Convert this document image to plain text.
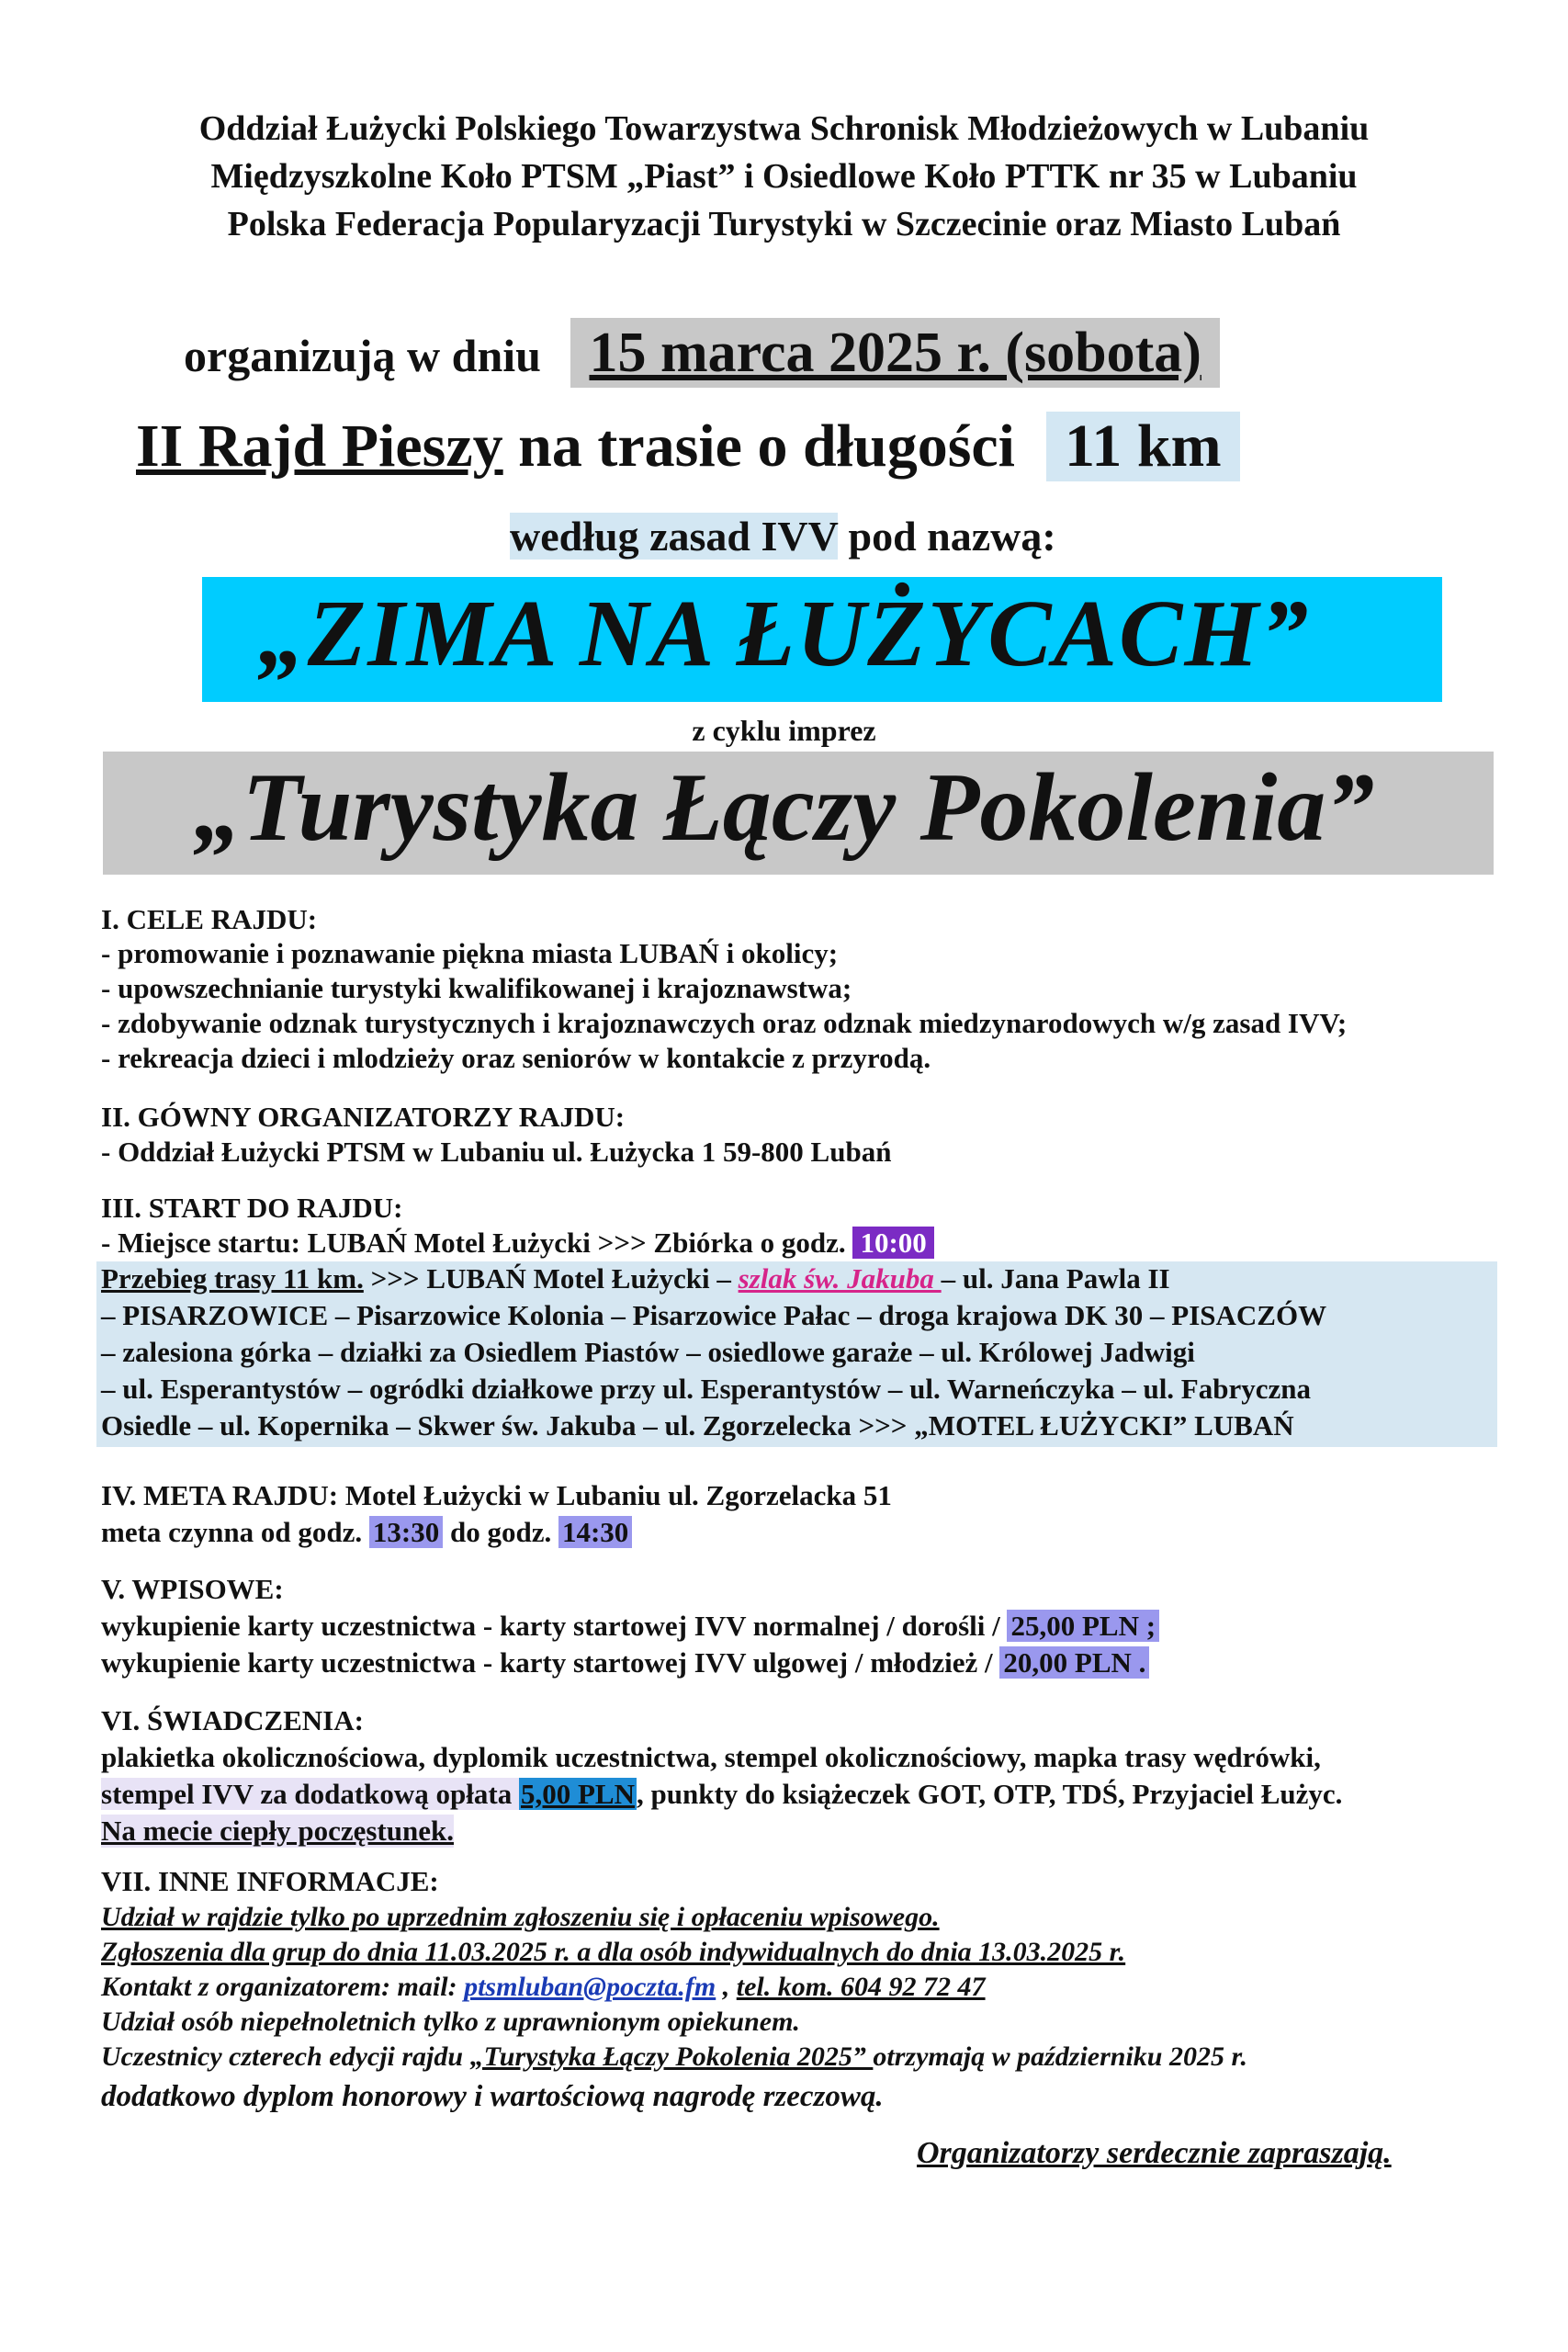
Oddział Łużycki Polskiego Towarzystwa Schronisk Młodzieżowych w Lubaniu
Międzyszkolne Koło PTSM „Piast” i Osiedlowe Koło PTTK nr 35 w Lubaniu
Polska Federacja Popularyzacji Turystyki w Szczecinie oraz Miasto Lubań
organizują w dniu 15 marca 2025 r. (sobota)
II Rajd Pieszy na trasie o długości 11 km
według zasad IVV pod nazwą:
„ZIMA NA ŁUŻYCACH”
z cyklu imprez
„Turystyka Łączy Pokolenia”
I. CELE RAJDU:
- promowanie i poznawanie piękna miasta LUBAŃ i okolicy;
- upowszechnianie turystyki kwalifikowanej i krajoznawstwa;
- zdobywanie odznak turystycznych i krajoznawczych oraz odznak miedzynarodowych w/g zasad IVV;
- rekreacja dzieci i mlodzieży oraz seniorów w kontakcie z przyrodą.
II. GÓWNY ORGANIZATORZY RAJDU:
- Oddział Łużycki PTSM w Lubaniu ul. Łużycka 1 59-800 Lubań
III. START DO RAJDU:
- Miejsce startu: LUBAŃ Motel Łużycki >>> Zbiórka o godz. 10:00
Przebieg trasy 11 km. >>> LUBAŃ Motel Łużycki – szlak św. Jakuba – ul. Jana Pawla II
– PISARZOWICE – Pisarzowice Kolonia – Pisarzowice Pałac – droga krajowa DK 30 – PISACZÓW
– zalesiona górka – działki za Osiedlem Piastów – osiedlowe garaże – ul. Królowej Jadwigi
– ul. Esperantystów – ogródki działkowe przy ul. Esperantystów – ul. Warneńczyka – ul. Fabryczna
Osiedle – ul. Kopernika – Skwer św. Jakuba – ul. Zgorzelecka >>> „MOTEL ŁUŻYCKI” LUBAŃ
IV. META RAJDU: Motel Łużycki w Lubaniu ul. Zgorzelacka 51
meta czynna od godz. 13:30 do godz. 14:30
V. WPISOWE:
wykupienie karty uczestnictwa - karty startowej IVV normalnej / dorośli / 25,00 PLN ;
wykupienie karty uczestnictwa - karty startowej IVV ulgowej / młodzież / 20,00 PLN .
VI. ŚWIADCZENIA:
plakietka okolicznościowa, dyplomik uczestnictwa, stempel okolicznościowy, mapka trasy wędrówki,
stempel IVV za dodatkową opłata 5,00 PLN, punkty do książeczek GOT, OTP, TDŚ, Przyjaciel Łużyc.
Na mecie ciepły poczęstunek.
VII. INNE INFORMACJE:
Udział w rajdzie tylko po uprzednim zgłoszeniu się i opłaceniu wpisowego.
Zgłoszenia dla grup do dnia 11.03.2025 r. a dla osób indywidualnych do dnia 13.03.2025 r.
Kontakt z organizatorem: mail: ptsmluban@poczta.fm , tel. kom. 604 92 72 47
Udział osób niepełnoletnich tylko z uprawnionym opiekunem.
Uczestnicy czterech edycji rajdu „Turystyka Łączy Pokolenia 2025” otrzymają w październiku 2025 r.
dodatkowo dyplom honorowy i wartościową nagrodę rzeczową.
Organizatorzy serdecznie zapraszają.
